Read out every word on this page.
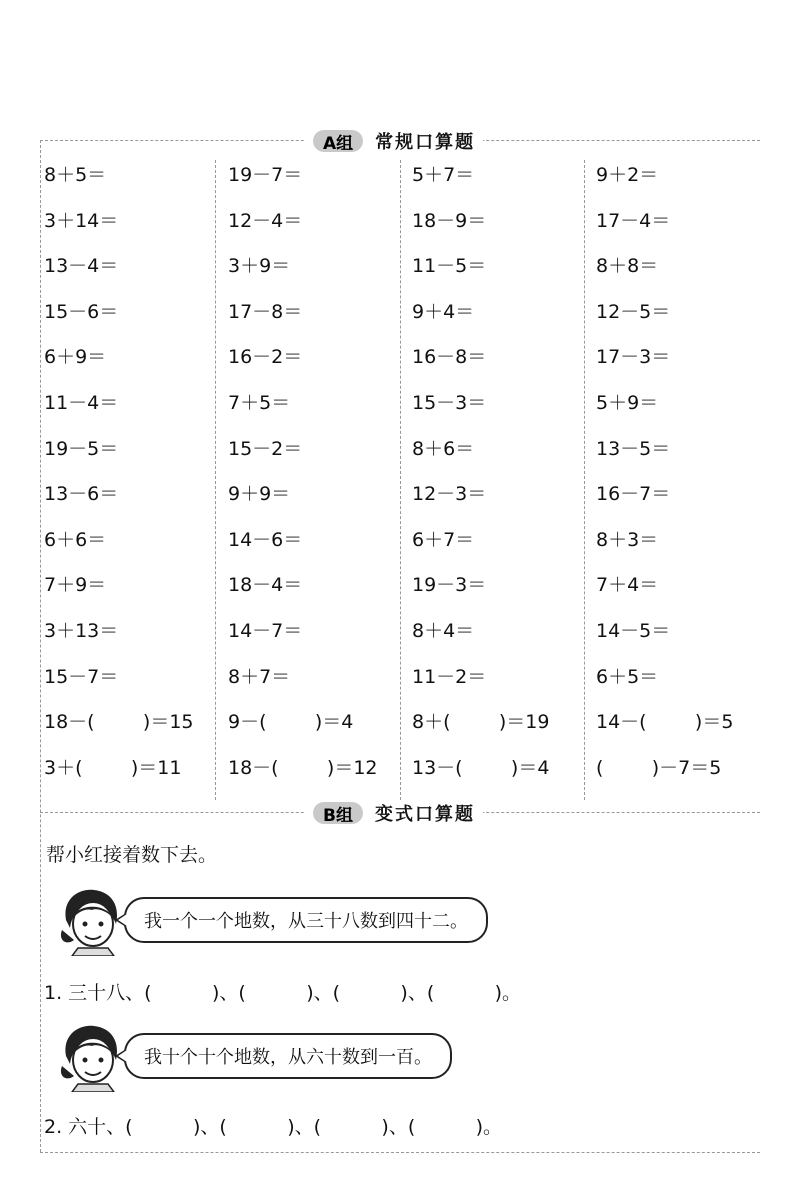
A组	常规口算题
8＋5＝
3＋14＝
13－4＝
15－6＝
6＋9＝
11－4＝
19－5＝
13－6＝
6＋6＝
7＋9＝
3＋13＝
15－7＝
18－(        )＝15
3＋(        )＝11
19－7＝
12－4＝
3＋9＝
17－8＝
16－2＝
7＋5＝
15－2＝
9＋9＝
14－6＝
18－4＝
14－7＝
8＋7＝
9－(        )＝4
18－(        )＝12
5＋7＝
18－9＝
11－5＝
9＋4＝
16－8＝
15－3＝
8＋6＝
12－3＝
6＋7＝
19－3＝
8＋4＝
11－2＝
8＋(        )＝19
13－(        )＝4
9＋2＝
17－4＝
8＋8＝
12－5＝
17－3＝
5＋9＝
13－5＝
16－7＝
8＋3＝
7＋4＝
14－5＝
6＋5＝
14－(        )＝5
(        )－7＝5
B组	变式口算题
帮小红接着数下去。
我一个一个地数，从三十八数到四十二。
1. 三十八、(          )、(          )、(          )、(          )。
我十个十个地数，从六十数到一百。
2. 六十、(          )、(          )、(          )、(          )。
